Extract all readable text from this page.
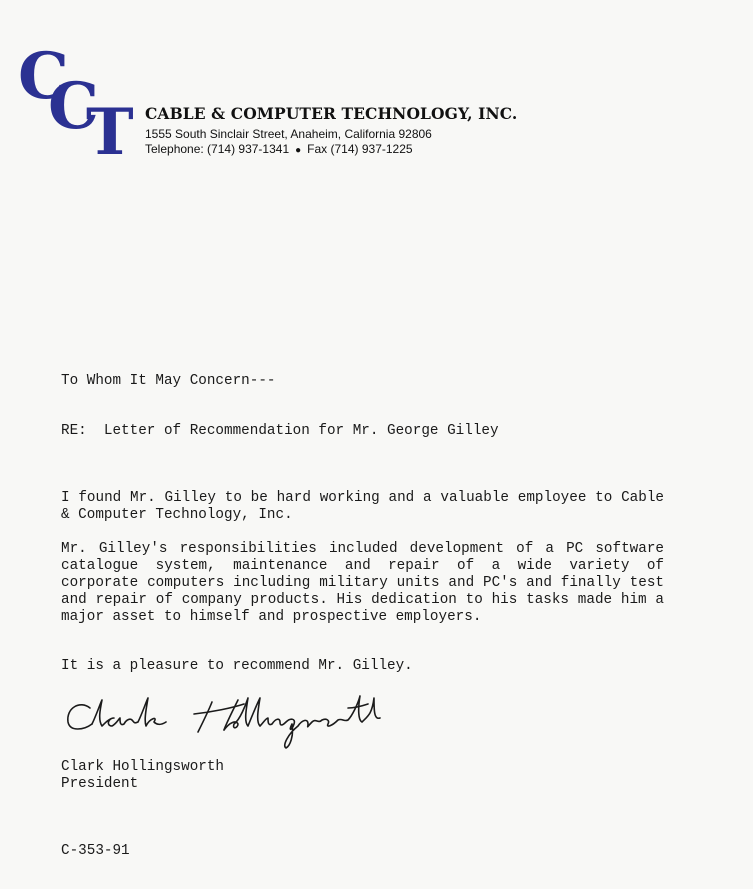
C
C
T CABLE & COMPUTER TECHNOLOGY, INC.
1555 South Sinclair Street, Anaheim, California 92806
Telephone: (714) 937-1341 ● Fax (714) 937-1225
To Whom It May Concern---
RE:  Letter of Recommendation for Mr. George Gilley
I found Mr. Gilley to be hard working and a valuable employee to Cable & Computer Technology, Inc.
Mr. Gilley's responsibilities included development of a PC software catalogue system, maintenance and repair of a wide variety of corporate computers including military units and PC's and finally test and repair of company products. His dedication to his tasks made him a major asset to himself and prospective employers.
It is a pleasure to recommend Mr. Gilley.
Clark Hollingsworth
President
C-353-91
